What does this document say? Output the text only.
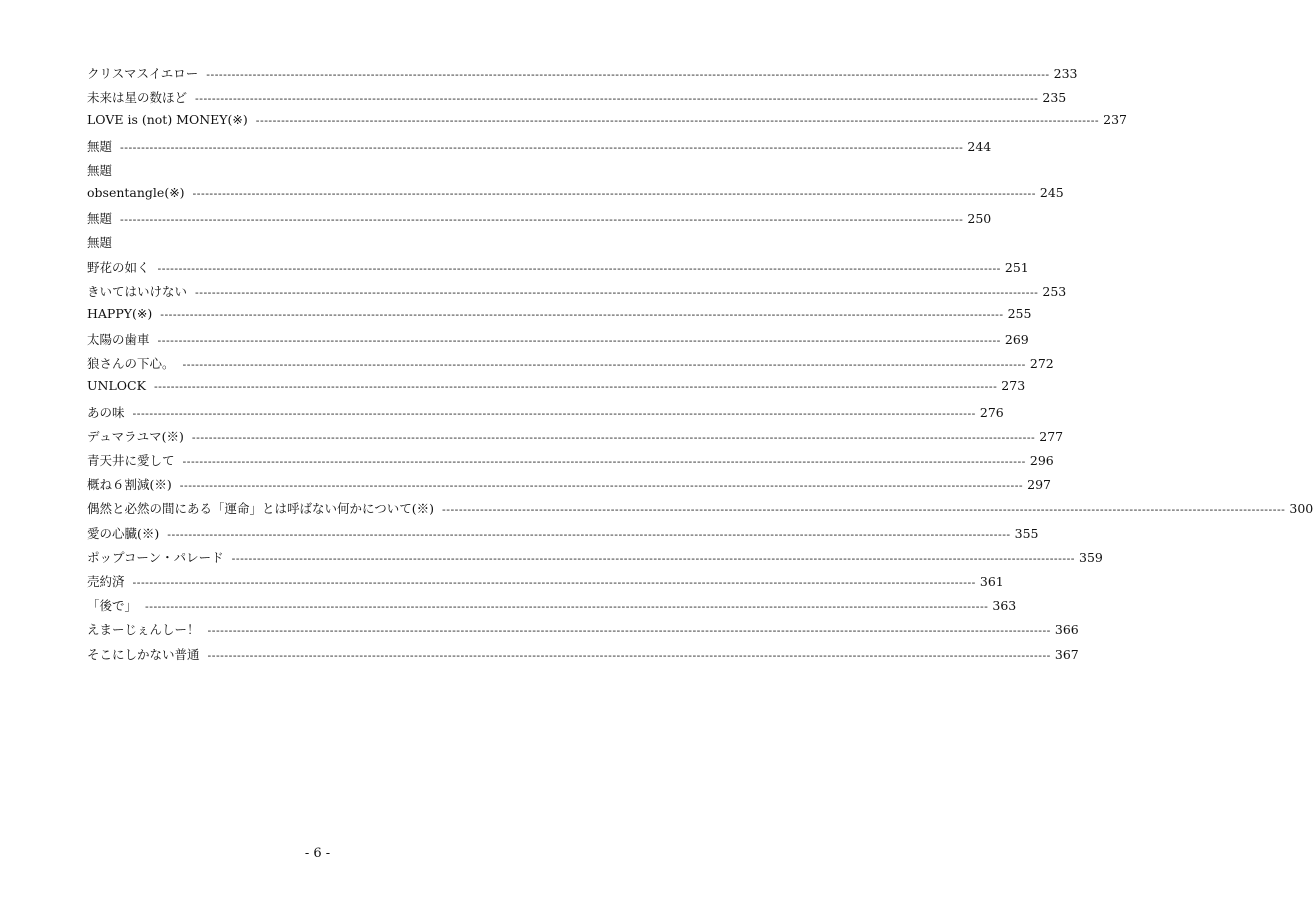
クリスマスイエロー -------------------------------------------------------------------------------------------------------------------------------------------------------------------------------------------------------- 233
未来は星の数ほど -------------------------------------------------------------------------------------------------------------------------------------------------------------------------------------------------------- 235
LOVE is (not) MONEY(※) -------------------------------------------------------------------------------------------------------------------------------------------------------------------------------------------------------- 237
無題 -------------------------------------------------------------------------------------------------------------------------------------------------------------------------------------------------------- 244
無題
obsentangle(※) -------------------------------------------------------------------------------------------------------------------------------------------------------------------------------------------------------- 245
無題 -------------------------------------------------------------------------------------------------------------------------------------------------------------------------------------------------------- 250
無題
野花の如く -------------------------------------------------------------------------------------------------------------------------------------------------------------------------------------------------------- 251
きいてはいけない -------------------------------------------------------------------------------------------------------------------------------------------------------------------------------------------------------- 253
HAPPY(※) -------------------------------------------------------------------------------------------------------------------------------------------------------------------------------------------------------- 255
太陽の歯車 -------------------------------------------------------------------------------------------------------------------------------------------------------------------------------------------------------- 269
狼さんの下心。 -------------------------------------------------------------------------------------------------------------------------------------------------------------------------------------------------------- 272
UNLOCK -------------------------------------------------------------------------------------------------------------------------------------------------------------------------------------------------------- 273
あの味 -------------------------------------------------------------------------------------------------------------------------------------------------------------------------------------------------------- 276
デュマラユマ(※) -------------------------------------------------------------------------------------------------------------------------------------------------------------------------------------------------------- 277
青天井に愛して -------------------------------------------------------------------------------------------------------------------------------------------------------------------------------------------------------- 296
概ね６割減(※) -------------------------------------------------------------------------------------------------------------------------------------------------------------------------------------------------------- 297
偶然と必然の間にある「運命」とは呼ばない何かについて(※) -------------------------------------------------------------------------------------------------------------------------------------------------------------------------------------------------------- 300
愛の心臓(※) -------------------------------------------------------------------------------------------------------------------------------------------------------------------------------------------------------- 355
ポップコーン・パレード -------------------------------------------------------------------------------------------------------------------------------------------------------------------------------------------------------- 359
売約済 -------------------------------------------------------------------------------------------------------------------------------------------------------------------------------------------------------- 361
「後で」 -------------------------------------------------------------------------------------------------------------------------------------------------------------------------------------------------------- 363
えまーじぇんしー！ -------------------------------------------------------------------------------------------------------------------------------------------------------------------------------------------------------- 366
そこにしかない普通 -------------------------------------------------------------------------------------------------------------------------------------------------------------------------------------------------------- 367
- 6 -
